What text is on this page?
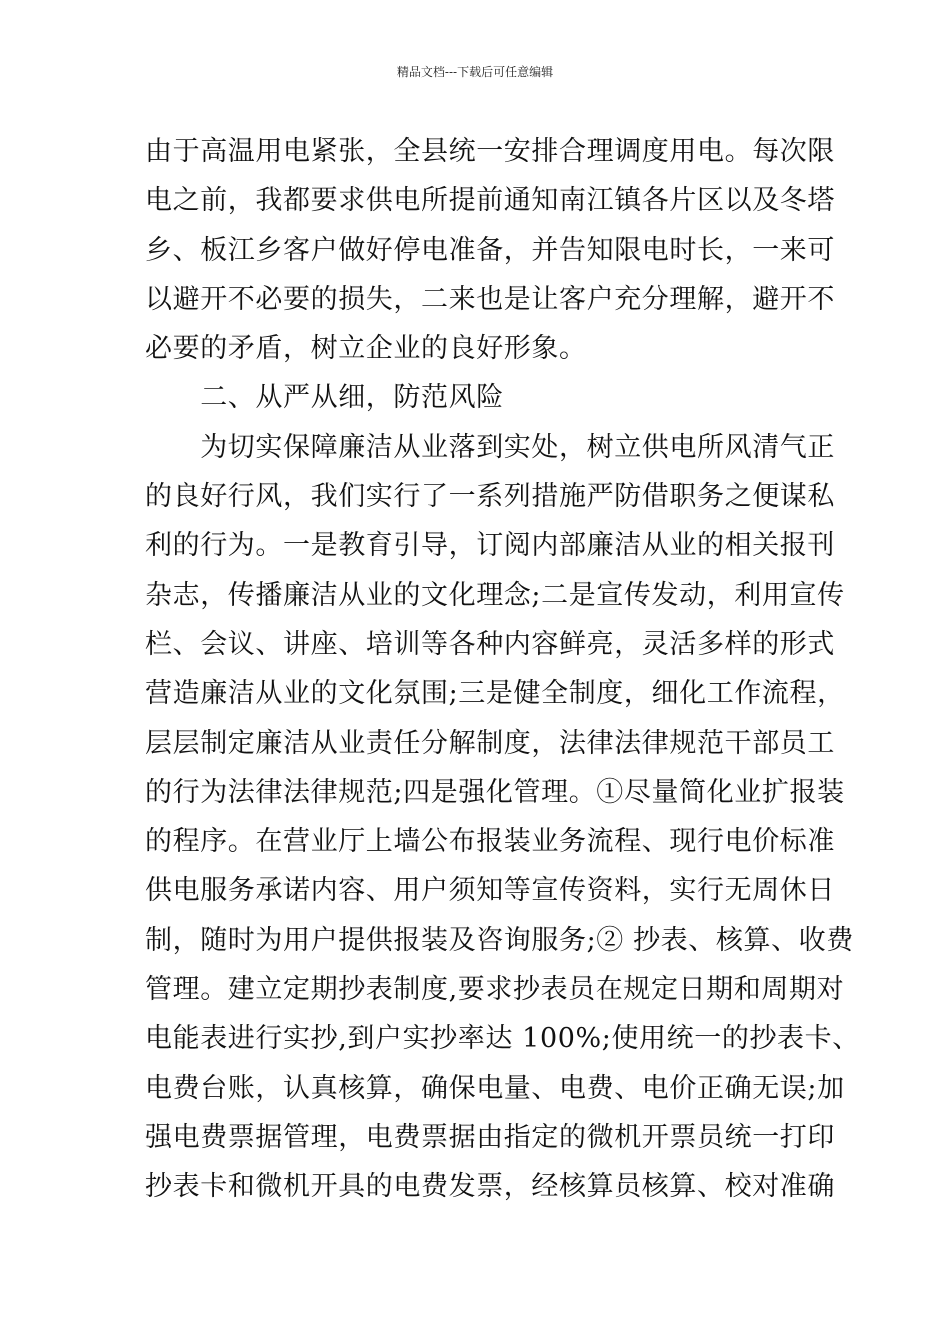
精品文档---下载后可任意编辑
由于高温用电紧张，全县统一安排合理调度用电。每次限
电之前，我都要求供电所提前通知南江镇各片区以及冬塔
乡、板江乡客户做好停电准备，并告知限电时长，一来可
以避开不必要的损失，二来也是让客户充分理解，避开不
必要的矛盾，树立企业的良好形象。
　　二、从严从细，防范风险
　　为切实保障廉洁从业落到实处，树立供电所风清气正
的良好行风，我们实行了一系列措施严防借职务之便谋私
利的行为。一是教育引导，订阅内部廉洁从业的相关报刊
杂志，传播廉洁从业的文化理念;二是宣传发动，利用宣传
栏、会议、讲座、培训等各种内容鲜亮，灵活多样的形式
营造廉洁从业的文化氛围;三是健全制度，细化工作流程，
层层制定廉洁从业责任分解制度，法律法律规范干部员工
的行为法律法律规范;四是强化管理。①尽量简化业扩报装
的程序。在营业厅上墙公布报装业务流程、现行电价标准
供电服务承诺内容、用户须知等宣传资料，实行无周休日
制，随时为用户提供报装及咨询服务;② 抄表、核算、收费
管理。建立定期抄表制度,要求抄表员在规定日期和周期对
电能表进行实抄,到户实抄率达 100%;使用统一的抄表卡、
电费台账，认真核算，确保电量、电费、电价正确无误;加
强电费票据管理，电费票据由指定的微机开票员统一打印
抄表卡和微机开具的电费发票，经核算员核算、校对准确
